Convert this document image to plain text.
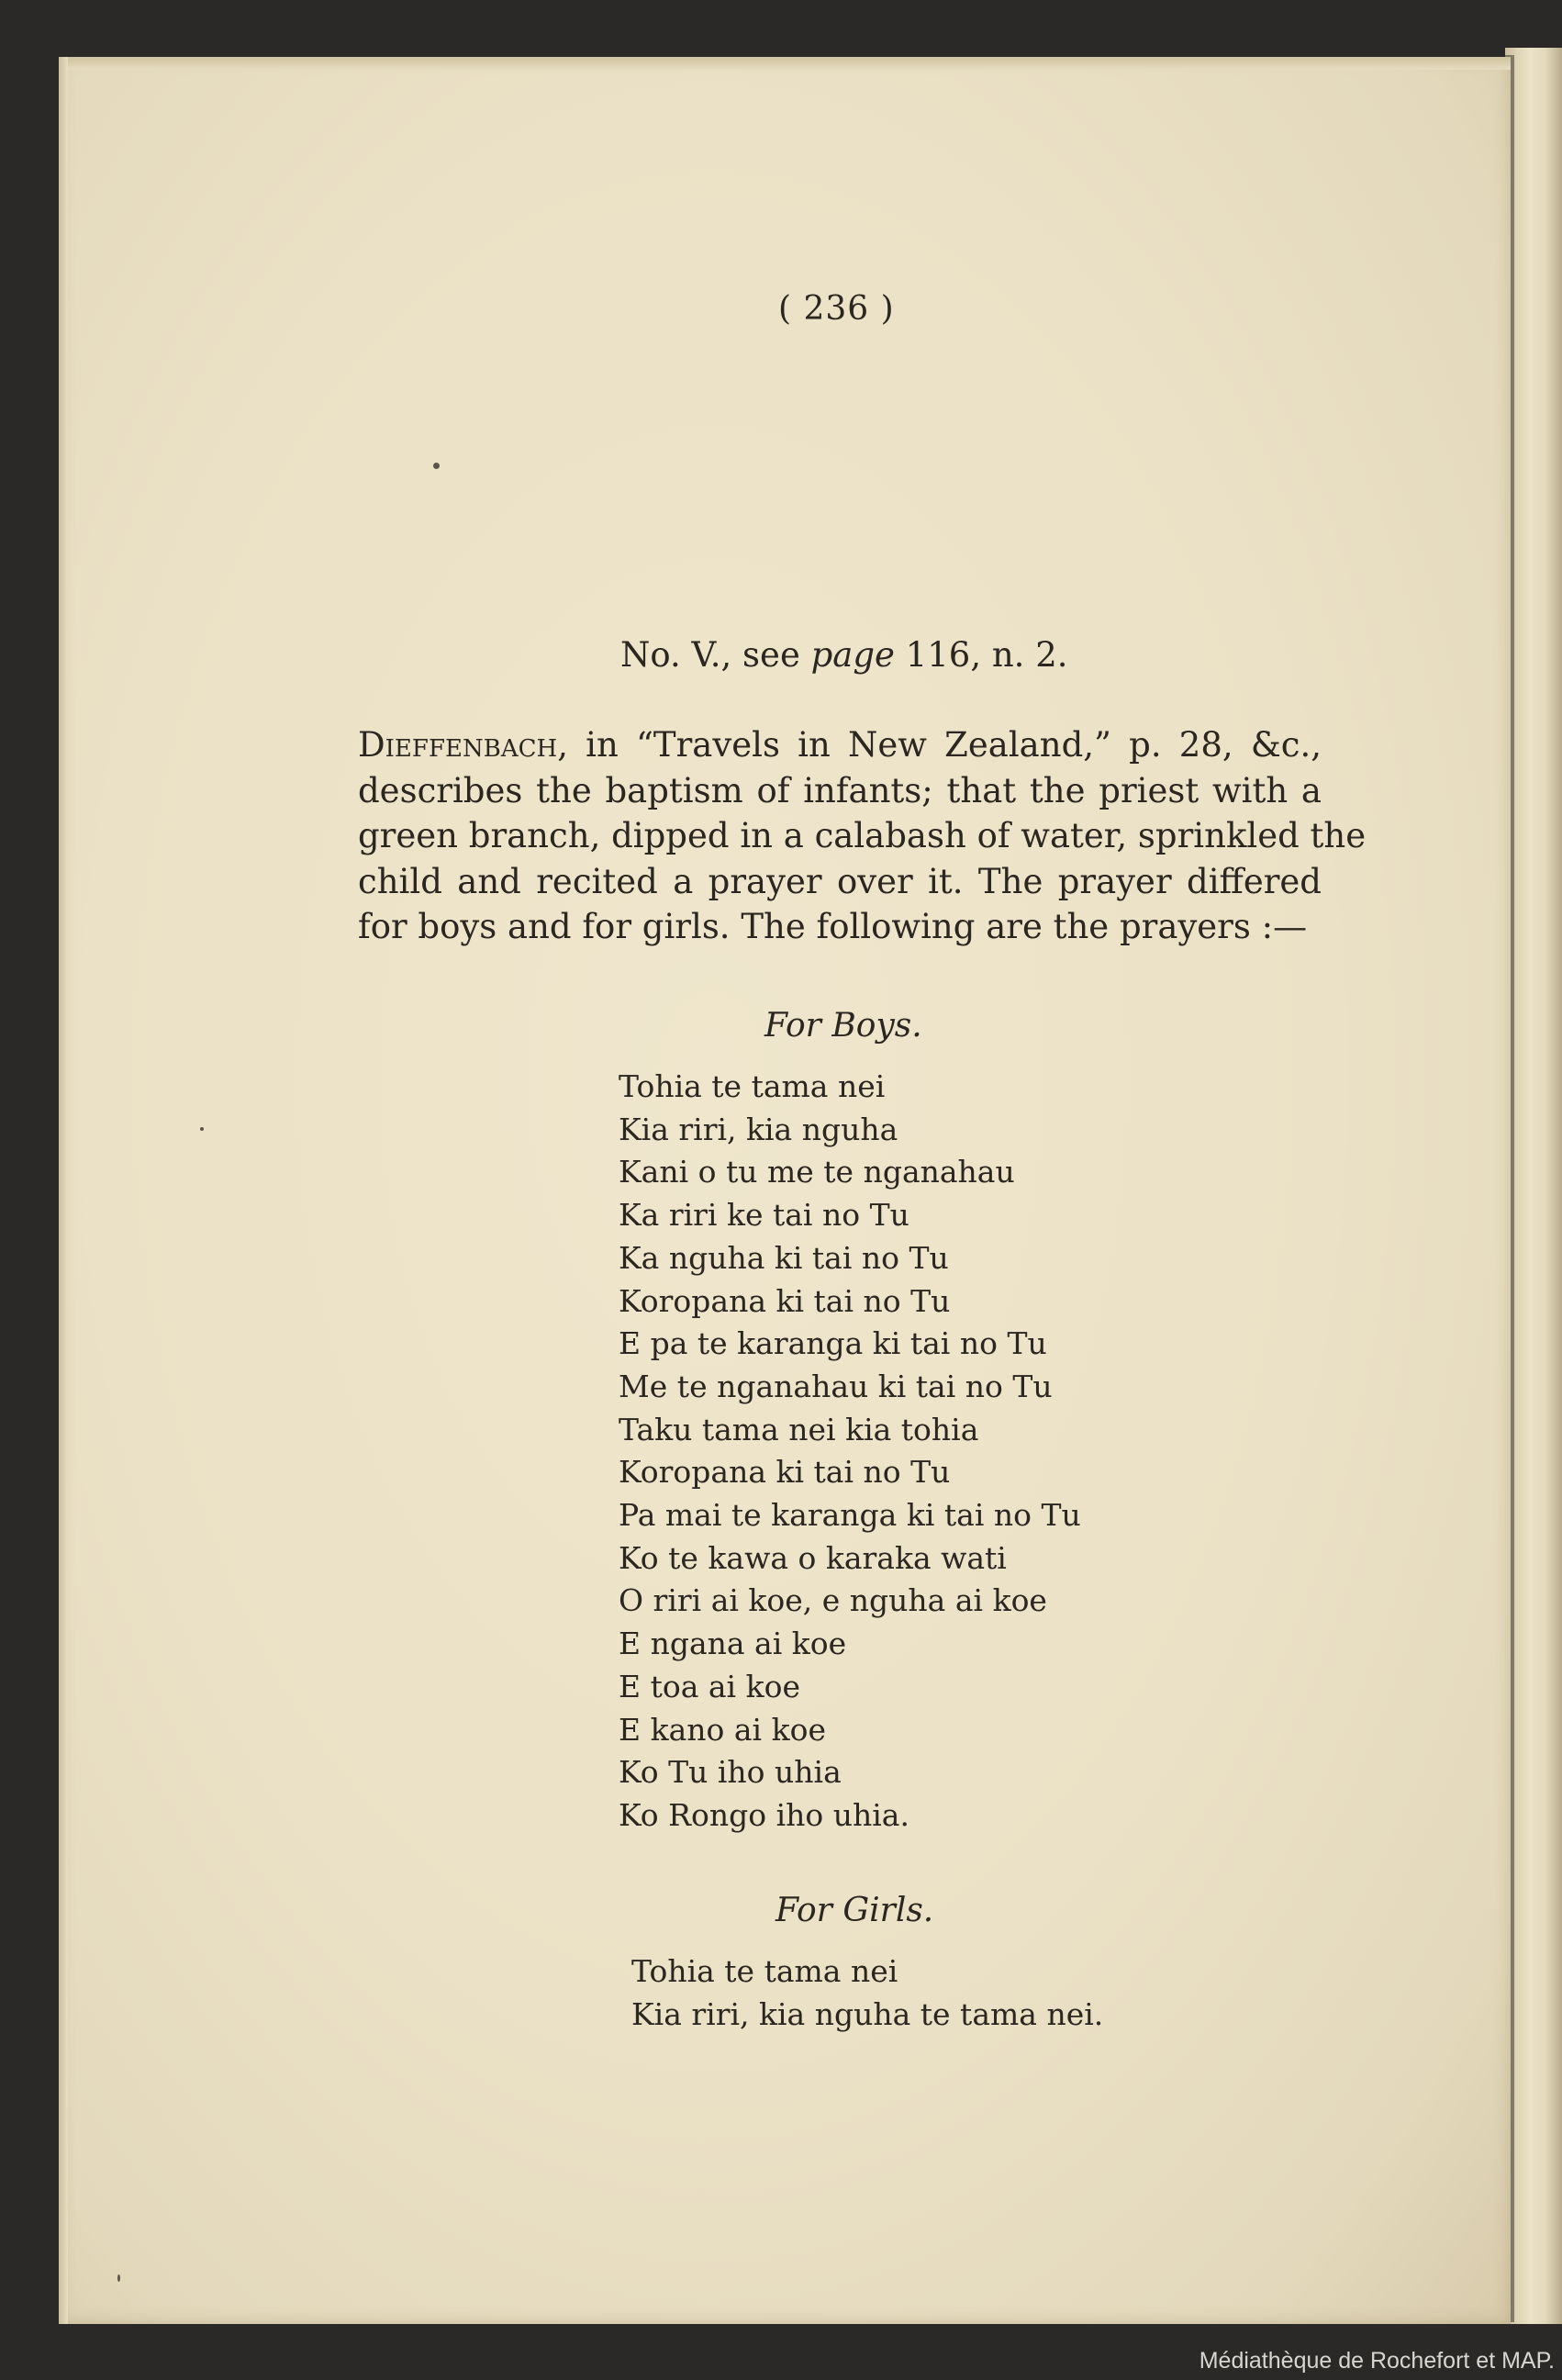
( 236 )
No. V., see page 116, n. 2.
Dieffenbach, in “Travels in New Zealand,” p. 28, &c.,
describes the baptism of infants; that the priest with a
green branch, dipped in a calabash of water, sprinkled the
child and recited a prayer over it. The prayer differed
for boys and for girls. The following are the prayers :—
For Boys.
Tohia te tama nei
Kia riri, kia nguha
Kani o tu me te nganahau
Ka riri ke tai no Tu
Ka nguha ki tai no Tu
Koropana ki tai no Tu
E pa te karanga ki tai no Tu
Me te nganahau ki tai no Tu
Taku tama nei kia tohia
Koropana ki tai no Tu
Pa mai te karanga ki tai no Tu
Ko te kawa o karaka wati
O riri ai koe, e nguha ai koe
E ngana ai koe
E toa ai koe
E kano ai koe
Ko Tu iho uhia
Ko Rongo iho uhia.
For Girls.
Tohia te tama nei
Kia riri, kia nguha te tama nei.
Médiathèque de Rochefort et MAP.
